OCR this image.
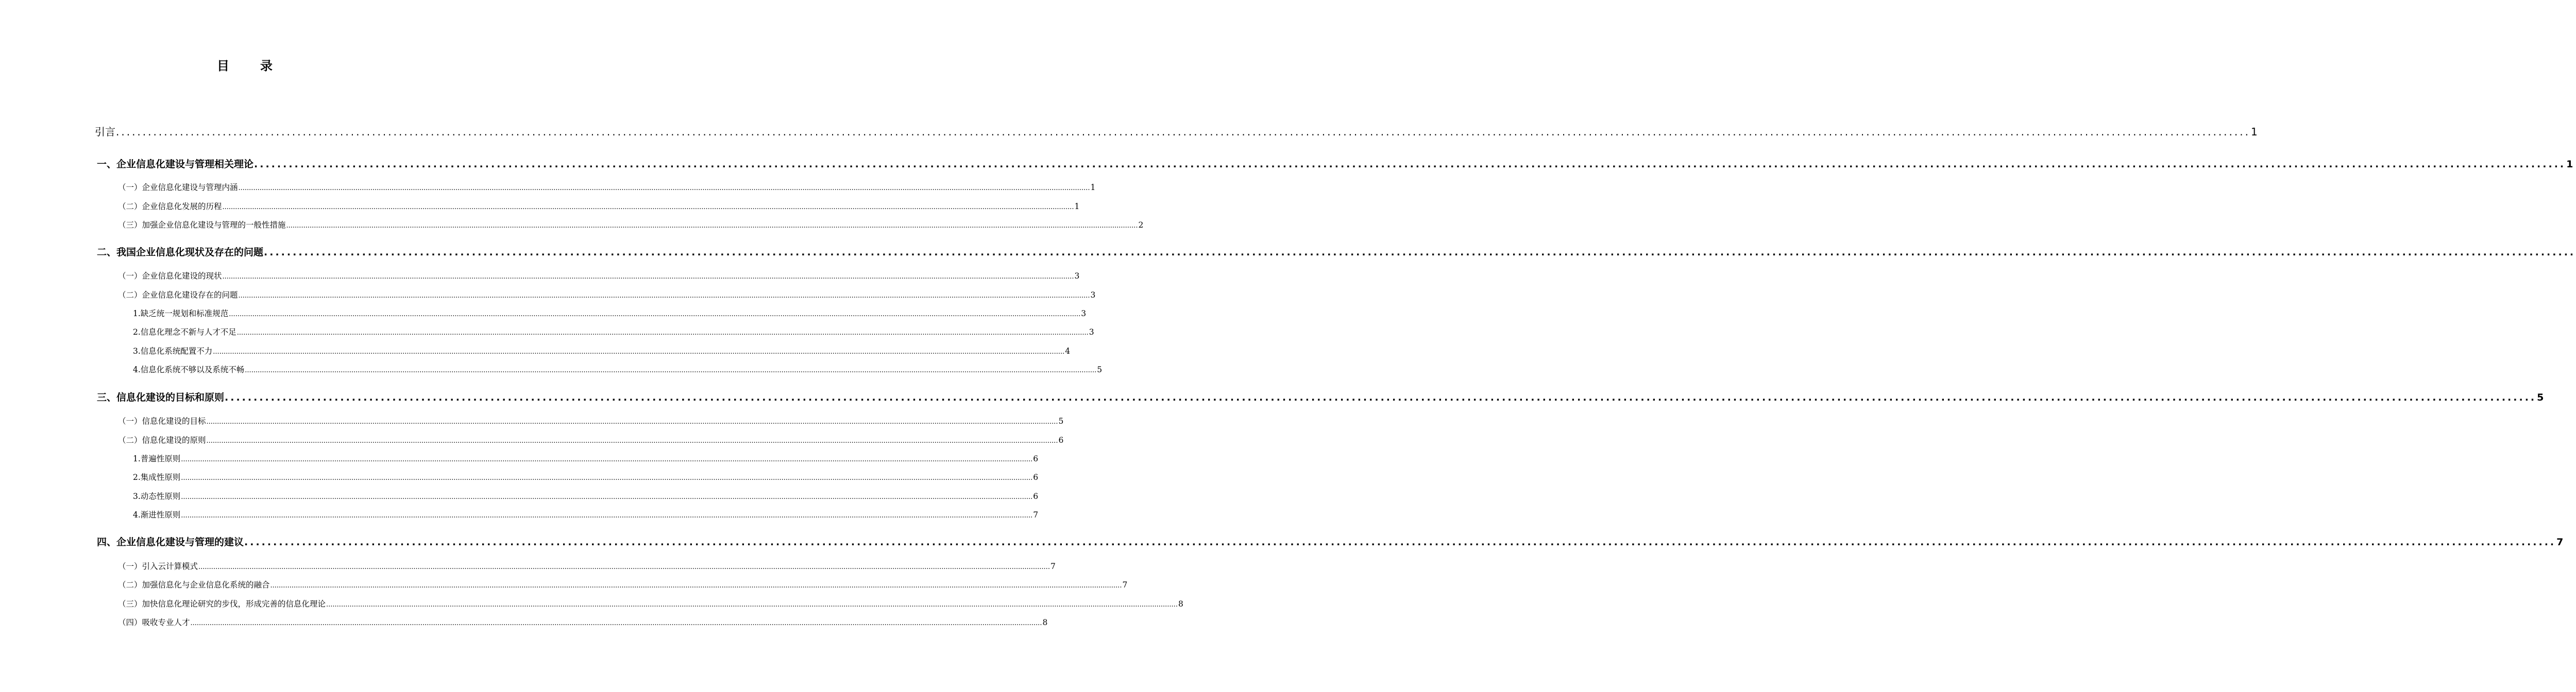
目　录
引言 ................................................................................................................................................................................................................................................................................................................................................................................................................ 1
一、企业信息化建设与管理相关理论 ................................................................................................................................................................................................................................................................................................................................................................................................................ 1
（一）企业信息化建设与管理内涵 ................................................................................................................................................................................................................................................................................................................................................................................................................ 1
（二）企业信息化发展的历程 ................................................................................................................................................................................................................................................................................................................................................................................................................ 1
（三）加强企业信息化建设与管理的一般性措施 ................................................................................................................................................................................................................................................................................................................................................................................................................ 2
二、我国企业信息化现状及存在的问题 ................................................................................................................................................................................................................................................................................................................................................................................................................
（一）企业信息化建设的现状 ................................................................................................................................................................................................................................................................................................................................................................................................................ 3
（二）企业信息化建设存在的问题 ................................................................................................................................................................................................................................................................................................................................................................................................................ 3
1.缺乏统一规划和标准规范 ................................................................................................................................................................................................................................................................................................................................................................................................................ 3
2.信息化理念不新与人才不足 ................................................................................................................................................................................................................................................................................................................................................................................................................ 3
3.信息化系统配置不力 ................................................................................................................................................................................................................................................................................................................................................................................................................ 4
4.信息化系统不够以及系统不畅 ................................................................................................................................................................................................................................................................................................................................................................................................................ 5
三、信息化建设的目标和原则 ................................................................................................................................................................................................................................................................................................................................................................................................................ 5
（一）信息化建设的目标 ................................................................................................................................................................................................................................................................................................................................................................................................................ 5
（二）信息化建设的原则 ................................................................................................................................................................................................................................................................................................................................................................................................................ 6
1.普遍性原则 ................................................................................................................................................................................................................................................................................................................................................................................................................ 6
2.集成性原则 ................................................................................................................................................................................................................................................................................................................................................................................................................ 6
3.动态性原则 ................................................................................................................................................................................................................................................................................................................................................................................................................ 6
4.渐进性原则 ................................................................................................................................................................................................................................................................................................................................................................................................................ 7
四、企业信息化建设与管理的建议 ................................................................................................................................................................................................................................................................................................................................................................................................................ 7
（一）引入云计算模式 ................................................................................................................................................................................................................................................................................................................................................................................................................ 7
（二）加强信息化与企业信息化系统的融合 ................................................................................................................................................................................................................................................................................................................................................................................................................ 7
（三）加快信息化理论研究的步伐，形成完善的信息化理论 ................................................................................................................................................................................................................................................................................................................................................................................................................ 8
（四）吸收专业人才 ................................................................................................................................................................................................................................................................................................................................................................................................................ 8
